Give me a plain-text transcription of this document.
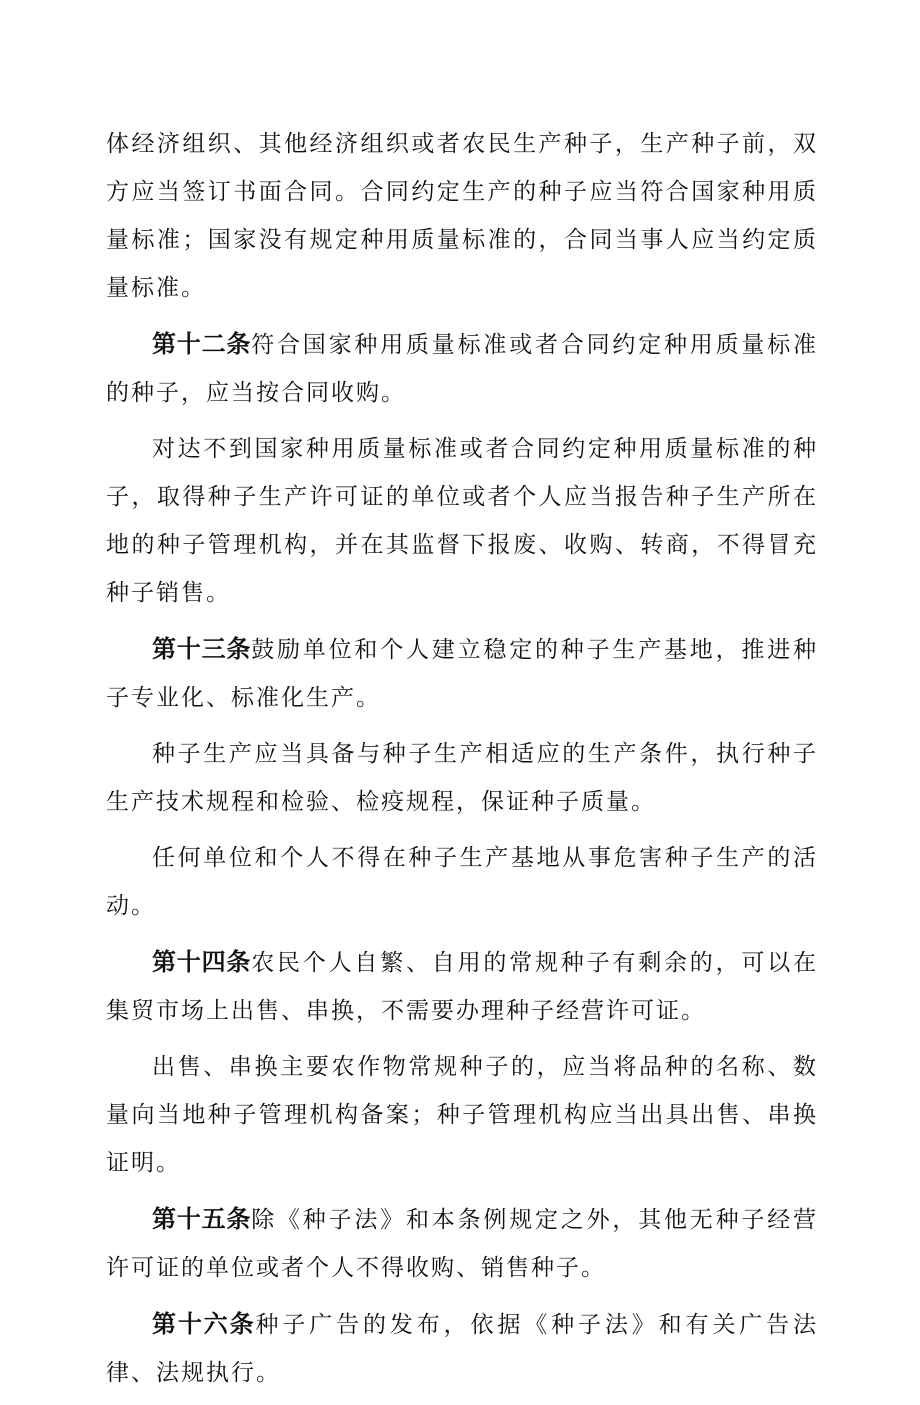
体经济组织、其他经济组织或者农民生产种子，生产种子前，双方应当签订书面合同。合同约定生产的种子应当符合国家种用质量标准；国家没有规定种用质量标准的，合同当事人应当约定质量标准。

第十二条符合国家种用质量标准或者合同约定种用质量标准的种子，应当按合同收购。

对达不到国家种用质量标准或者合同约定种用质量标准的种子，取得种子生产许可证的单位或者个人应当报告种子生产所在地的种子管理机构，并在其监督下报废、收购、转商，不得冒充种子销售。

第十三条鼓励单位和个人建立稳定的种子生产基地，推进种子专业化、标准化生产。

种子生产应当具备与种子生产相适应的生产条件，执行种子生产技术规程和检验、检疫规程，保证种子质量。

任何单位和个人不得在种子生产基地从事危害种子生产的活动。

第十四条农民个人自繁、自用的常规种子有剩余的，可以在集贸市场上出售、串换，不需要办理种子经营许可证。

出售、串换主要农作物常规种子的，应当将品种的名称、数量向当地种子管理机构备案；种子管理机构应当出具出售、串换证明。

第十五条除《种子法》和本条例规定之外，其他无种子经营许可证的单位或者个人不得收购、销售种子。

第十六条种子广告的发布，依据《种子法》和有关广告法律、法规执行。
